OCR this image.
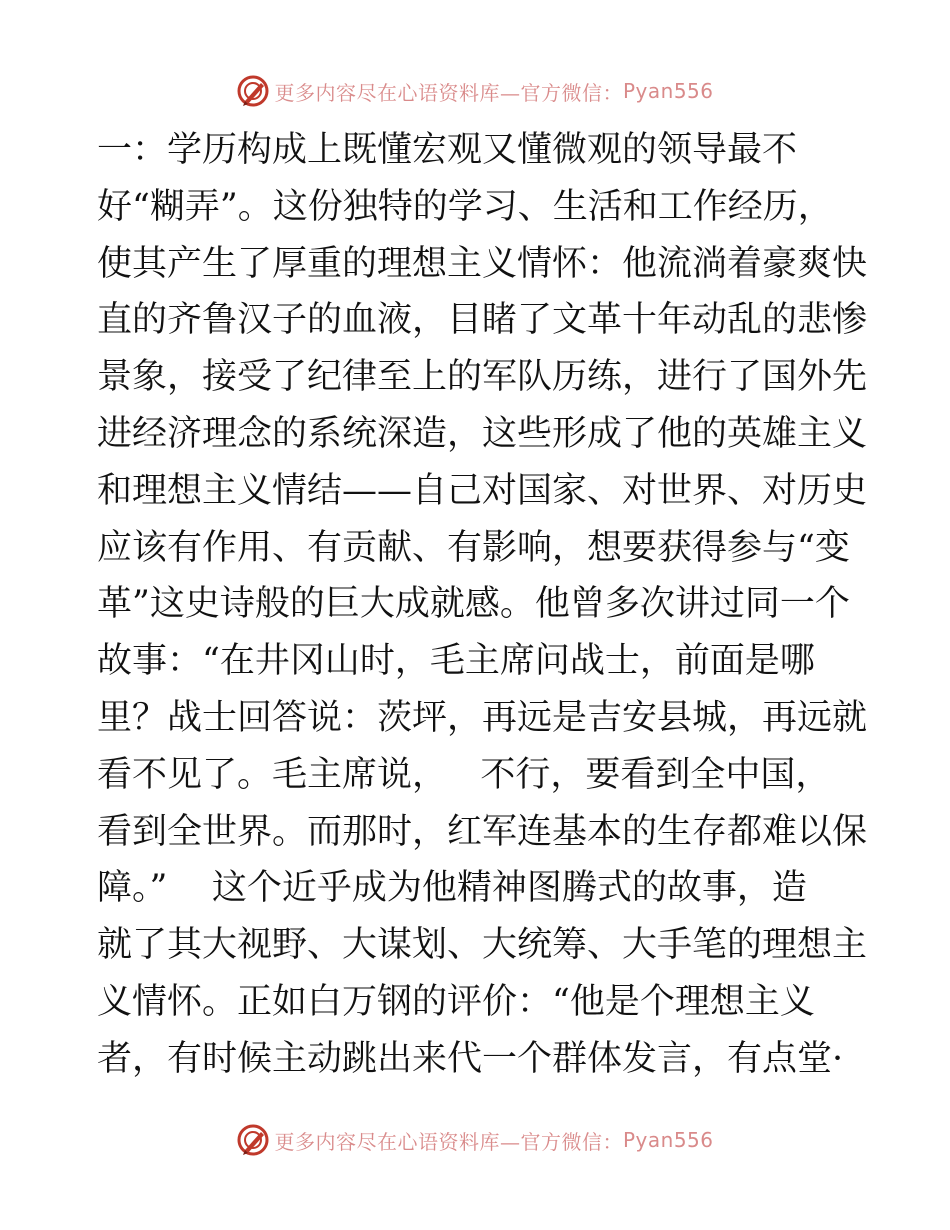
更多内容尽在心语资料库—官方微信： Pyan556
一：学历构成上既懂宏观又懂微观的领导最不
好“糊弄”。这份独特的学习、生活和工作经历，
使其产生了厚重的理想主义情怀：他流淌着豪爽快
直的齐鲁汉子的血液，目睹了文革十年动乱的悲惨
景象，接受了纪律至上的军队历练，进行了国外先
进经济理念的系统深造，这些形成了他的英雄主义
和理想主义情结——自己对国家、对世界、对历史
应该有作用、有贡献、有影响，想要获得参与“变
革”这史诗般的巨大成就感。他曾多次讲过同一个
故事：“在井冈山时，毛主席问战士，前面是哪
里？战士回答说：茨坪，再远是吉安县城，再远就
看不见了。毛主席说，   不行，要看到全中国，
看到全世界。而那时，红军连基本的生存都难以保
障。”    这个近乎成为他精神图腾式的故事，造
就了其大视野、大谋划、大统筹、大手笔的理想主
义情怀。正如白万钢的评价：“他是个理想主义
者，有时候主动跳出来代一个群体发言，有点堂·
更多内容尽在心语资料库—官方微信： Pyan556
